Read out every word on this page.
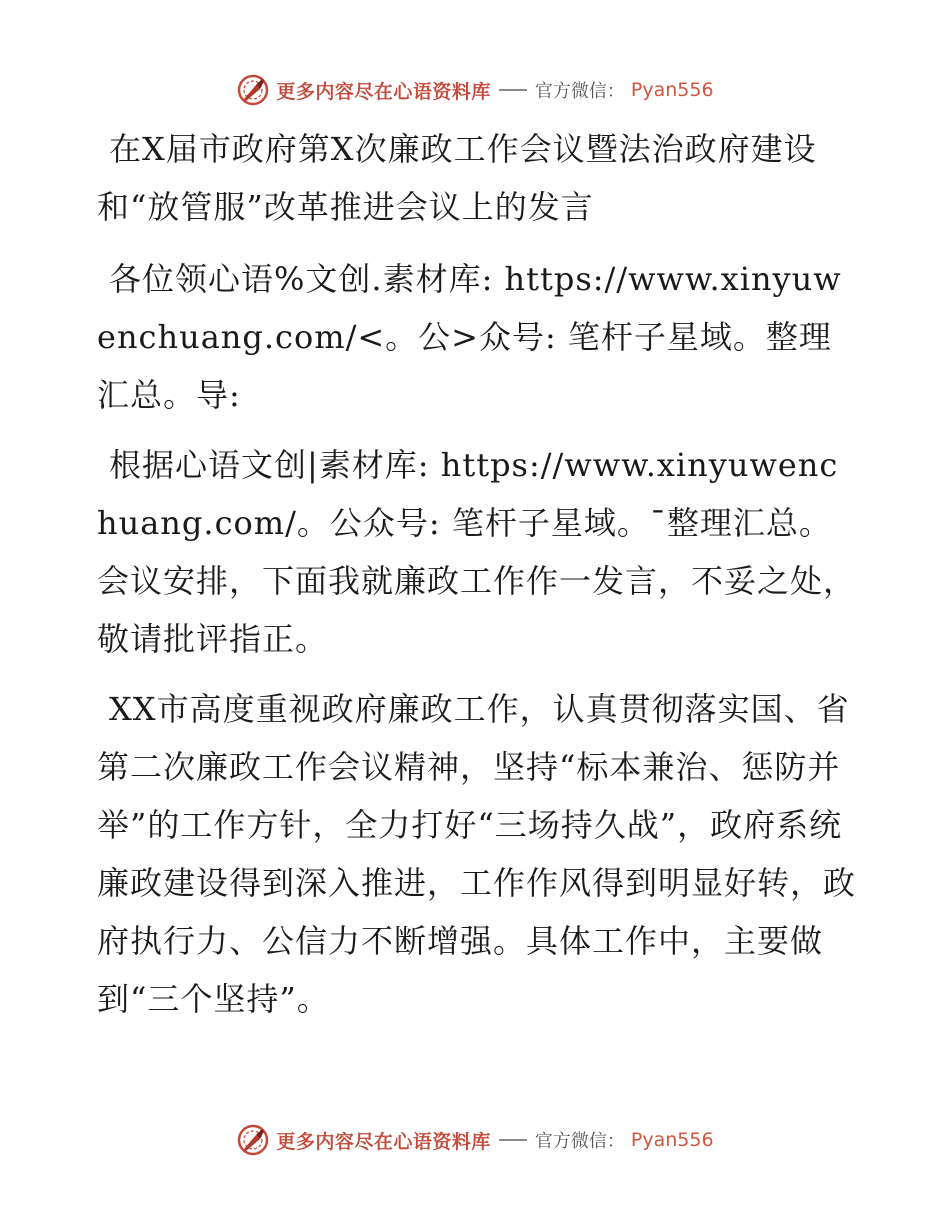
更多内容尽在心语资料库 官方微信： Pyan556

在X届市政府第X次廉政工作会议暨法治政府建设和“放管服”改革推进会议上的发言

各位领心语%文创.素材库: https://www.xinyuwenchuang.com/<。公>众号: 笔杆子星域。整理汇总。导:

根据心语文创|素材库: https://www.xinyuwenchuang.com/。公众号: 笔杆子星域。¯整理汇总。会议安排，下面我就廉政工作作一发言，不妥之处，敬请批评指正。

XX市高度重视政府廉政工作，认真贯彻落实国、省第二次廉政工作会议精神，坚持“标本兼治、惩防并举”的工作方针，全力打好“三场持久战”，政府系统廉政建设得到深入推进，工作作风得到明显好转，政府执行力、公信力不断增强。具体工作中，主要做到“三个坚持”。

更多内容尽在心语资料库 官方微信： Pyan556
